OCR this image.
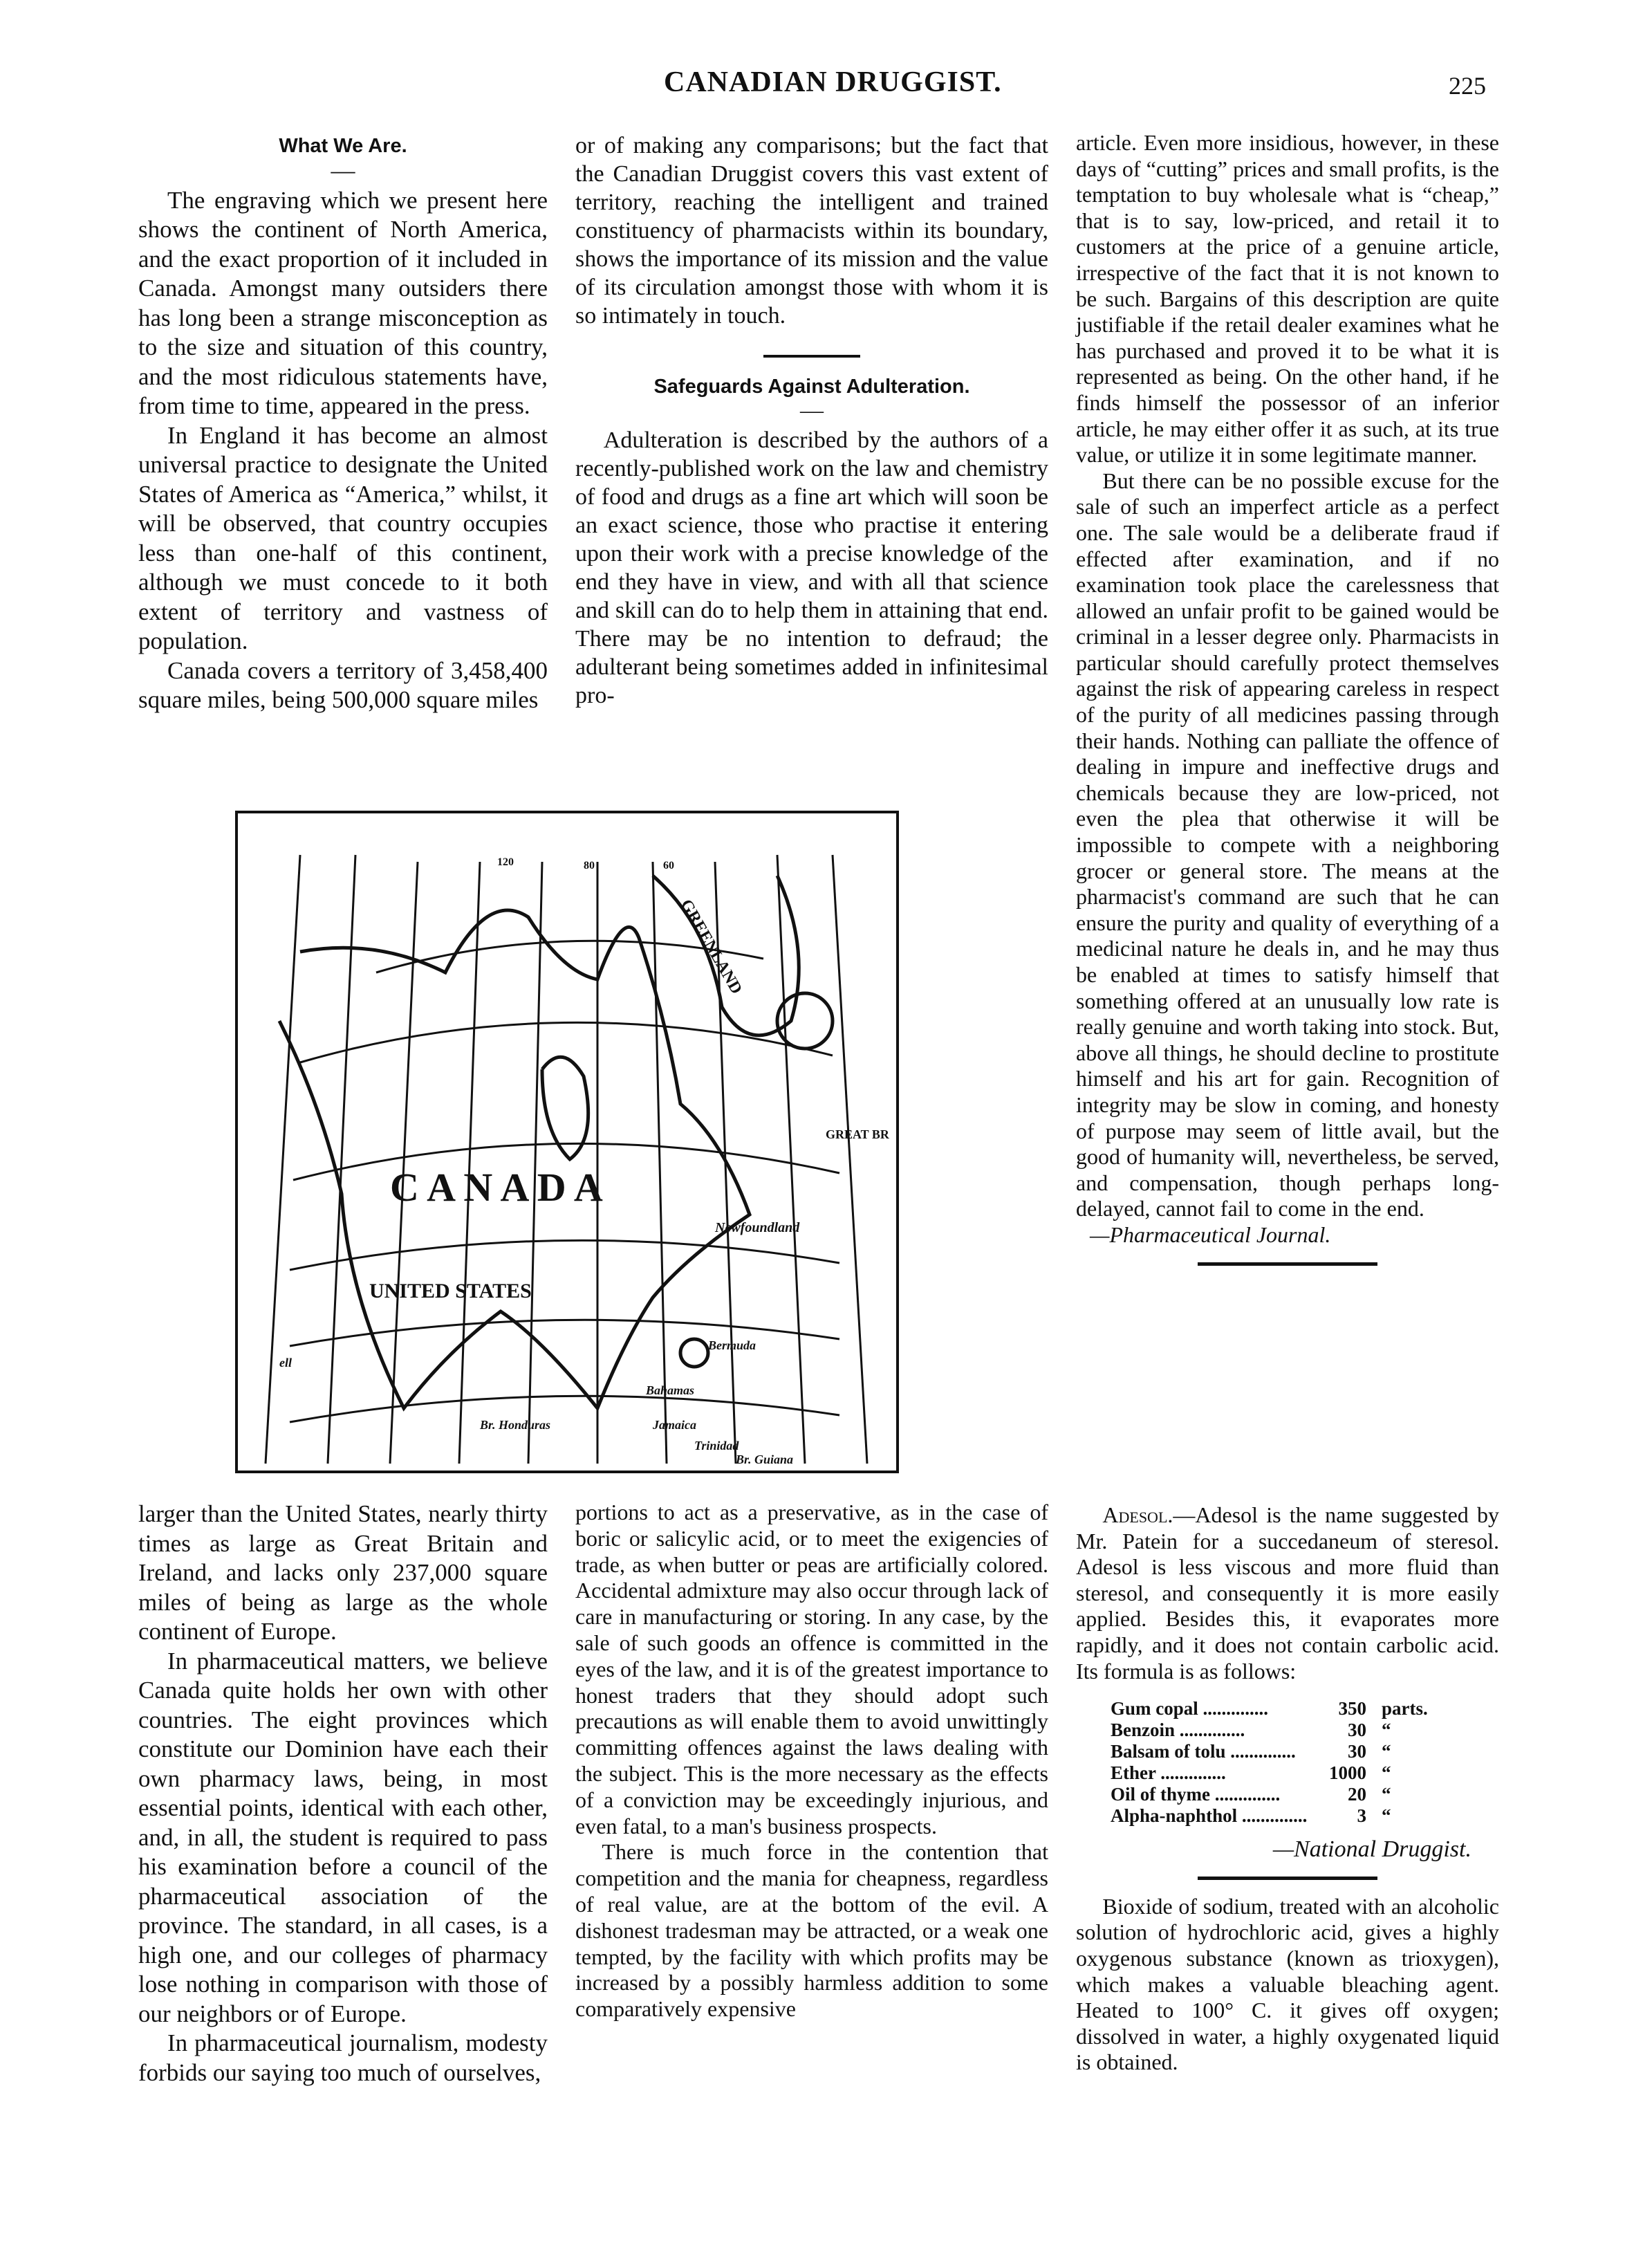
CANADIAN DRUGGIST.	225

What We Are.

—

The engraving which we present here shows the continent of North America, and the exact proportion of it included in Canada. Amongst many outsiders there has long been a strange misconception as to the size and situation of this country, and the most ridiculous statements have, from time to time, appeared in the press.

In England it has become an almost universal practice to designate the United States of America as “America,” whilst, it will be observed, that country occupies less than one-half of this continent, although we must concede to it both extent of territory and vastness of population.

Canada covers a territory of 3,458,400 square miles, being 500,000 square miles

or of making any comparisons; but the fact that the Canadian Druggist covers this vast extent of territory, reaching the intelligent and trained constituency of pharmacists within its boundary, shows the importance of its mission and the value of its circulation amongst those with whom it is so intimately in touch.

Safeguards Against Adulteration.

—

Adulteration is described by the authors of a recently-published work on the law and chemistry of food and drugs as a fine art which will soon be an exact science, those who practise it entering upon their work with a precise knowledge of the end they have in view, and with all that science and skill can do to help them in attaining that end. There may be no intention to defraud; the adulterant being sometimes added in infinitesimal pro-

C A N A D A
UNITED STATES
GREENLAND
GREAT BR
Newfoundland
Bermuda
Bahamas
Jamaica
Br. Honduras
Trinidad
Br. Guiana
ell
120	80	60

article. Even more insidious, however, in these days of “cutting” prices and small profits, is the temptation to buy wholesale what is “cheap,” that is to say, low-priced, and retail it to customers at the price of a genuine article, irrespective of the fact that it is not known to be such. Bargains of this description are quite justifiable if the retail dealer examines what he has purchased and proved it to be what it is represented as being. On the other hand, if he finds himself the possessor of an inferior article, he may either offer it as such, at its true value, or utilize it in some legitimate manner.

But there can be no possible excuse for the sale of such an imperfect article as a perfect one. The sale would be a deliberate fraud if effected after examination, and if no examination took place the carelessness that allowed an unfair profit to be gained would be criminal in a lesser degree only. Pharmacists in particular should carefully protect themselves against the risk of appearing careless in respect of the purity of all medicines passing through their hands. Nothing can palliate the offence of dealing in impure and ineffective drugs and chemicals because they are low-priced, not even the plea that otherwise it will be impossible to compete with a neighboring grocer or general store. The means at the pharmacist's command are such that he can ensure the purity and quality of everything of a medicinal nature he deals in, and he may thus be enabled at times to satisfy himself that something offered at an unusually low rate is really genuine and worth taking into stock. But, above all things, he should decline to prostitute himself and his art for gain. Recognition of integrity may be slow in coming, and honesty of purpose may seem of little avail, but the good of humanity will, nevertheless, be served, and compensation, though perhaps long-delayed, cannot fail to come in the end.

—Pharmaceutical Journal.

larger than the United States, nearly thirty times as large as Great Britain and Ireland, and lacks only 237,000 square miles of being as large as the whole continent of Europe.

In pharmaceutical matters, we believe Canada quite holds her own with other countries. The eight provinces which constitute our Dominion have each their own pharmacy laws, being, in most essential points, identical with each other, and, in all, the student is required to pass his examination before a council of the pharmaceutical association of the province. The standard, in all cases, is a high one, and our colleges of pharmacy lose nothing in comparison with those of our neighbors or of Europe.

In pharmaceutical journalism, modesty forbids our saying too much of ourselves,

portions to act as a preservative, as in the case of boric or salicylic acid, or to meet the exigencies of trade, as when butter or peas are artificially colored. Accidental admixture may also occur through lack of care in manufacturing or storing. In any case, by the sale of such goods an offence is committed in the eyes of the law, and it is of the greatest importance to honest traders that they should adopt such precautions as will enable them to avoid unwittingly committing offences against the laws dealing with the subject. This is the more necessary as the effects of a conviction may be exceedingly injurious, and even fatal, to a man's business prospects.

There is much force in the contention that competition and the mania for cheapness, regardless of real value, are at the bottom of the evil. A dishonest tradesman may be attracted, or a weak one tempted, by the facility with which profits may be increased by a possibly harmless addition to some comparatively expensive

Adesol.—Adesol is the name suggested by Mr. Patein for a succedaneum of steresol. Adesol is less viscous and more fluid than steresol, and consequently it is more easily applied. Besides this, it evaporates more rapidly, and it does not contain carbolic acid. Its formula is as follows:

Gum copal ..............	350	parts.
Benzoin ..............	30	“
Balsam of tolu ..............	30	“
Ether ..............	1000	“
Oil of thyme ..............	20	“
Alpha-naphthol ..............	3	“

—National Druggist.

Bioxide of sodium, treated with an alcoholic solution of hydrochloric acid, gives a highly oxygenous substance (known as trioxygen), which makes a valuable bleaching agent. Heated to 100° C. it gives off oxygen; dissolved in water, a highly oxygenated liquid is obtained.
